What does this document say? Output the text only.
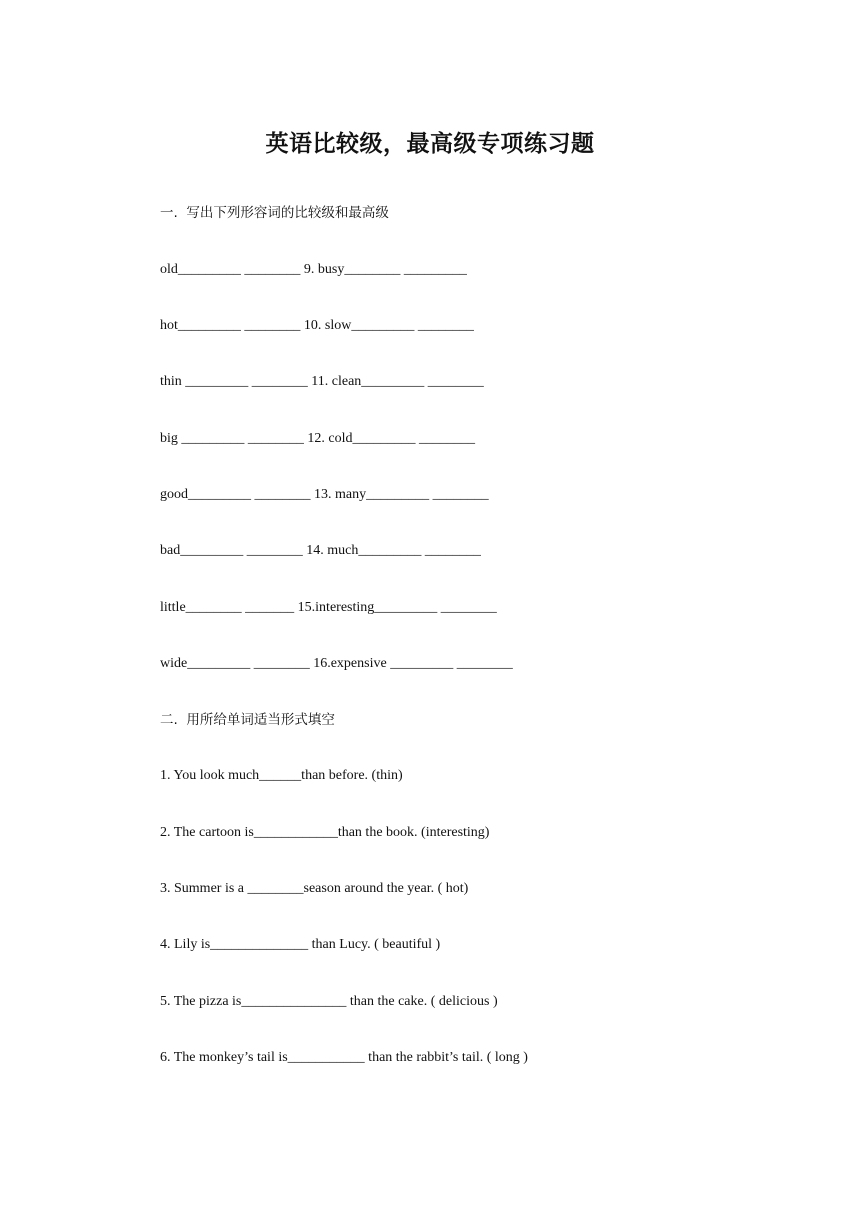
英语比较级，最高级专项练习题
一.  写出下列形容词的比较级和最高级
old_________ ________ 9. busy________ _________
hot_________ ________ 10. slow_________ ________
thin _________ ________ 11. clean_________ ________
big _________ ________ 12. cold_________ ________
good_________ ________ 13. many_________ ________
bad_________ ________ 14. much_________ ________
little________ _______ 15.interesting_________ ________
wide_________ ________ 16.expensive _________ ________
二.  用所给单词适当形式填空
1. You look much______than before. (thin)
2. The cartoon is____________than the book. (interesting)
3. Summer is a ________season around the year. ( hot)
4. Lily is______________ than Lucy. ( beautiful )
5. The pizza is_______________ than the cake. ( delicious )
6. The monkey’s tail is___________ than the rabbit’s tail. ( long )
